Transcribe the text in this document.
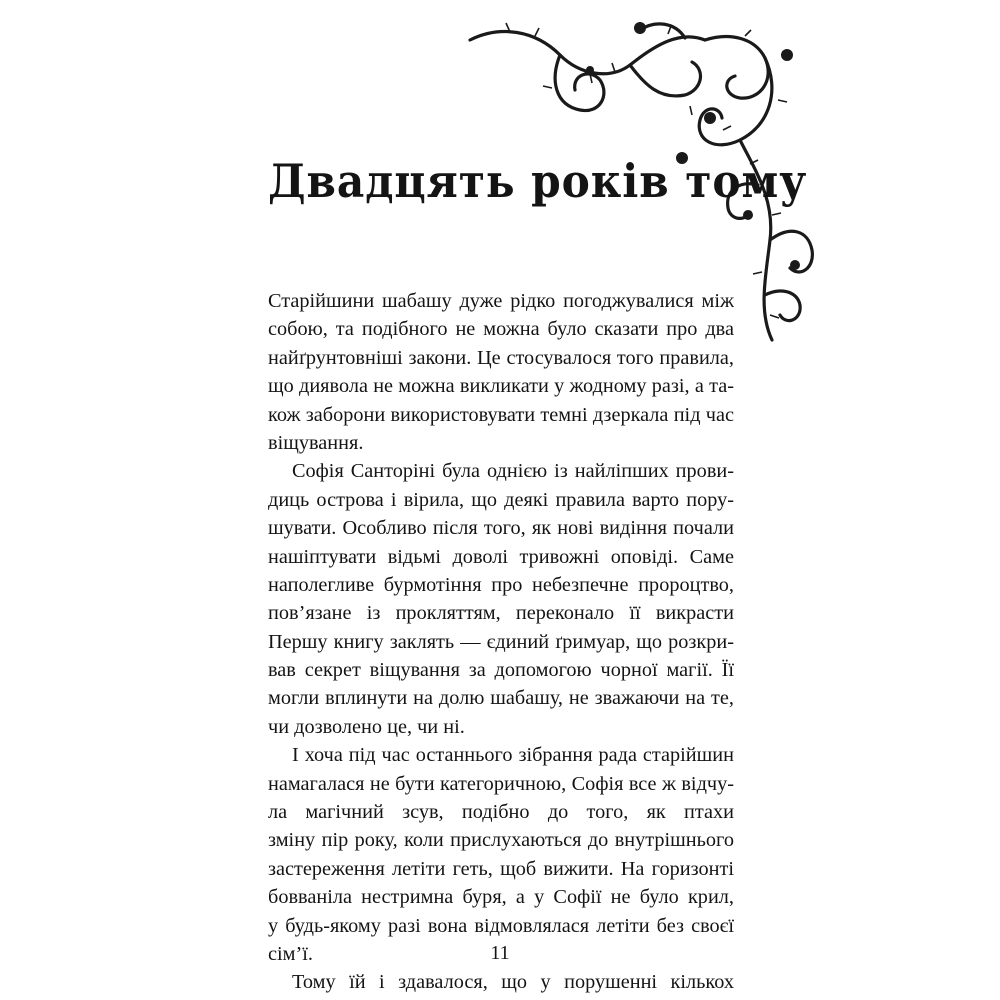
Двадцять років тому
Старійшини шабашу дуже рідко погоджувалися між
собою, та подібного не можна було сказати про два
найґрунтовніші закони. Це стосувалося того правила,
що диявола не можна викликати у жодному разі, а та-
кож заборони використовувати темні дзеркала під час
віщування.
Софія Санторіні була однією із найліпших прови-
диць острова і вірила, що деякі правила варто пору-
шувати. Особливо після того, як нові видіння почали
нашіптувати відьмі доволі тривожні оповіді. Саме
наполегливе бурмотіння про небезпечне пророцтво,
пов’язане із прокляттям, переконало її викрасти
Першу книгу заклять — єдиний ґримуар, що розкри-
вав секрет віщування за допомогою чорної магії. Її
могли вплинути на долю шабашу, не зважаючи на те,
чи дозволено це, чи ні.
І хоча під час останнього зібрання рада старійшин
намагалася не бути категоричною, Софія все ж відчу-
ла магічний зсув, подібно до того, як птахи
зміну пір року, коли прислухаються до внутрішнього
застереження летіти геть, щоб вижити. На горизонті
бовваніла нестримна буря, а у Софії не було крил,
у будь-якому разі вона відмовлялася летіти без своєї
сім’ї.
Тому їй і здавалося, що у порушенні кількох
11
